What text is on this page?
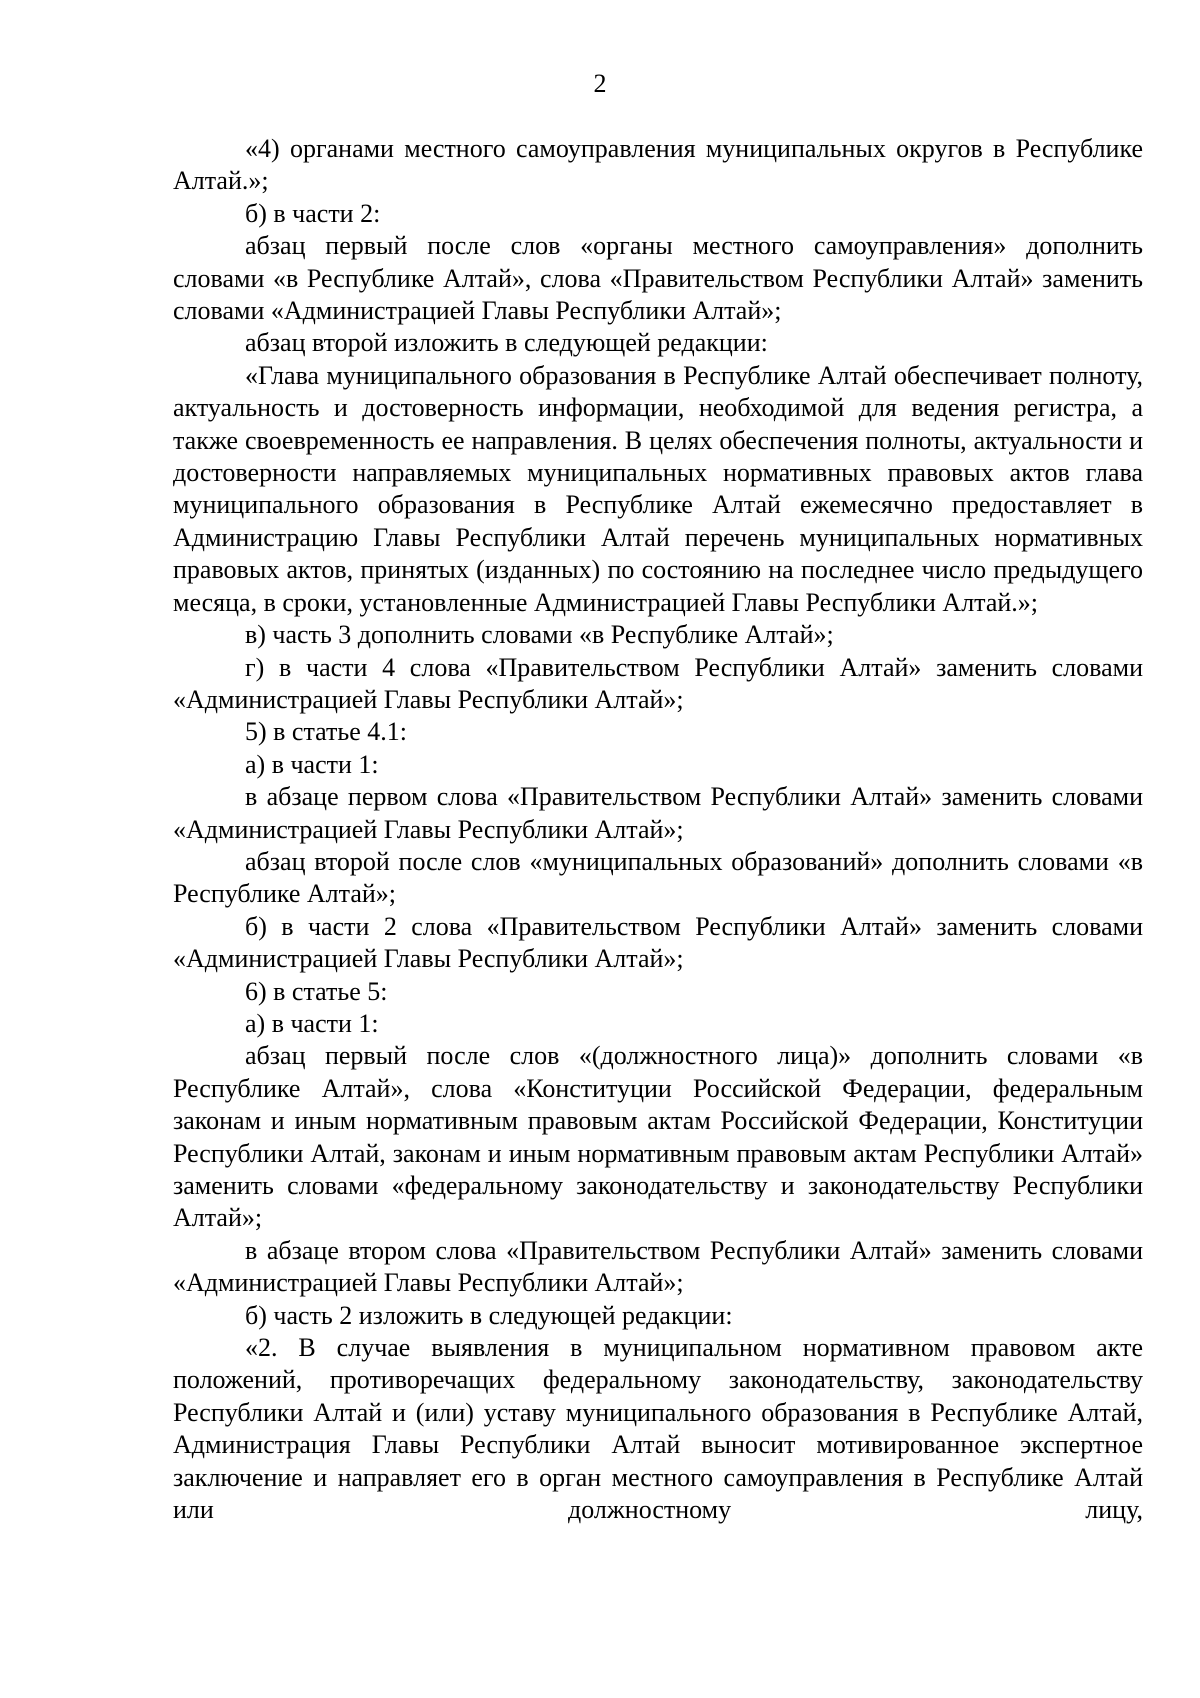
2

«4) органами местного самоуправления муниципальных округов в Республике Алтай.»;

б) в части 2:

абзац первый после слов «органы местного самоуправления» дополнить словами «в Республике Алтай», слова «Правительством Республики Алтай» заменить словами «Администрацией Главы Республики Алтай»;

абзац второй изложить в следующей редакции:

«Глава муниципального образования в Республике Алтай обеспечивает полноту, актуальность и достоверность информации, необходимой для ведения регистра, а также своевременность ее направления. В целях обеспечения полноты, актуальности и достоверности направляемых муниципальных нормативных правовых актов глава муниципального образования в Республике Алтай ежемесячно предоставляет в Администрацию Главы Республики Алтай перечень муниципальных нормативных правовых актов, принятых (изданных) по состоянию на последнее число предыдущего месяца, в сроки, установленные Администрацией Главы Республики Алтай.»;

в) часть 3 дополнить словами «в Республике Алтай»;

г) в части 4 слова «Правительством Республики Алтай» заменить словами «Администрацией Главы Республики Алтай»;

5) в статье 4.1:

а) в части 1:

в абзаце первом слова «Правительством Республики Алтай» заменить словами «Администрацией Главы Республики Алтай»;

абзац второй после слов «муниципальных образований» дополнить словами «в Республике Алтай»;

б) в части 2 слова «Правительством Республики Алтай» заменить словами «Администрацией Главы Республики Алтай»;

6) в статье 5:

а) в части 1:

абзац первый после слов «(должностного лица)» дополнить словами «в Республике Алтай», слова «Конституции Российской Федерации, федеральным законам и иным нормативным правовым актам Российской Федерации, Конституции Республики Алтай, законам и иным нормативным правовым актам Республики Алтай» заменить словами «федеральному законодательству и законодательству Республики Алтай»;

в абзаце втором слова «Правительством Республики Алтай» заменить словами «Администрацией Главы Республики Алтай»;

б) часть 2 изложить в следующей редакции:

«2. В случае выявления в муниципальном нормативном правовом акте положений, противоречащих федеральному законодательству, законодательству Республики Алтай и (или) уставу муниципального образования в Республике Алтай, Администрация Главы Республики Алтай выносит мотивированное экспертное заключение и направляет его в орган местного самоуправления в Республике Алтай или должностному лицу,
